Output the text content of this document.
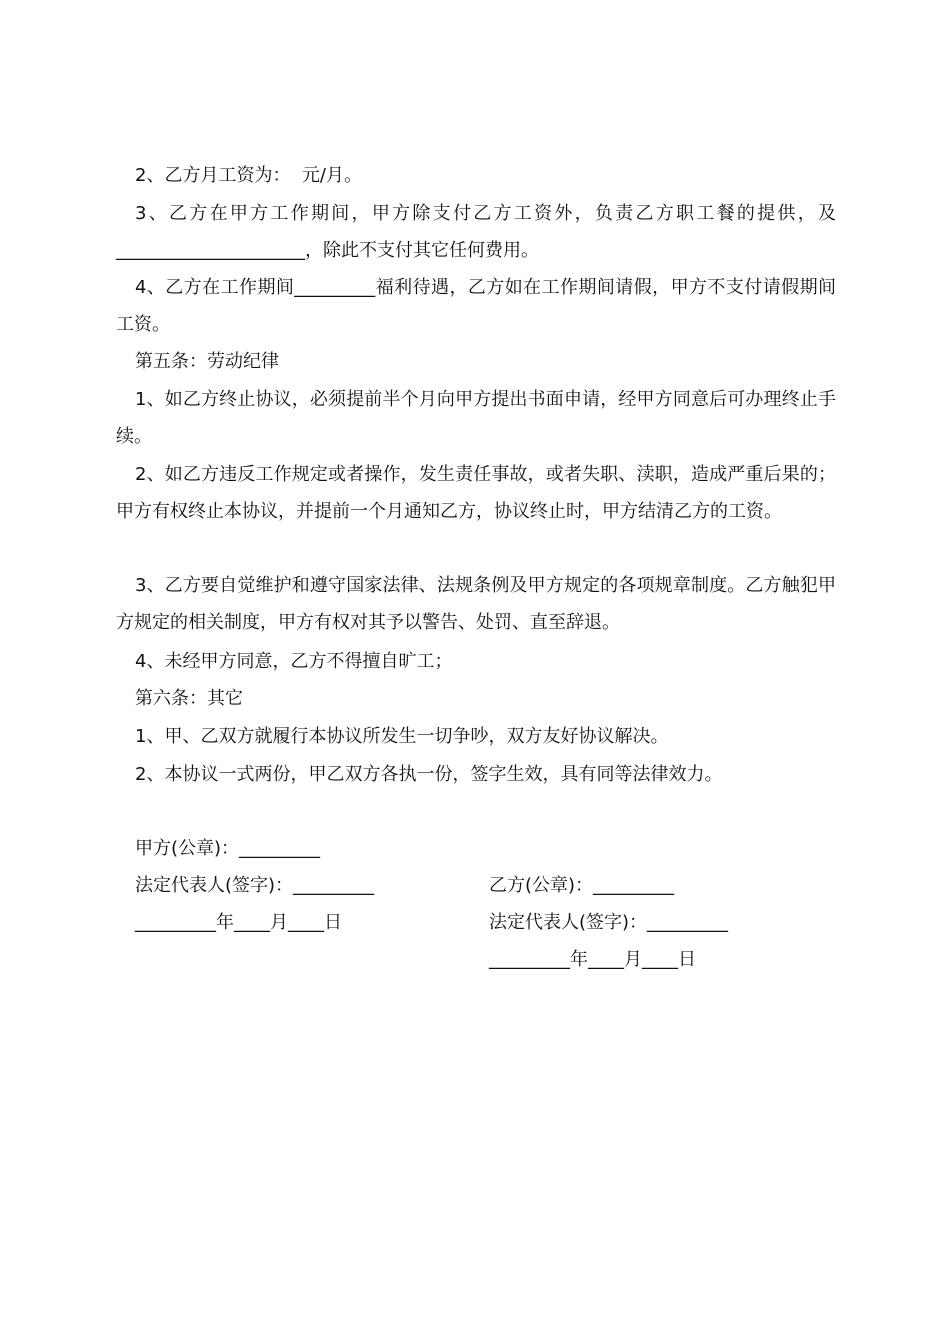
2、乙方月工资为：  元/月。

3、乙方在甲方工作期间，甲方除支付乙方工资外，负责乙方职工餐的提供，及_____________________，除此不支付其它任何费用。

4、乙方在工作期间_________福利待遇，乙方如在工作期间请假，甲方不支付请假期间工资。

第五条：劳动纪律

1、如乙方终止协议，必须提前半个月向甲方提出书面申请，经甲方同意后可办理终止手续。

2、如乙方违反工作规定或者操作，发生责任事故，或者失职、渎职，造成严重后果的；甲方有权终止本协议，并提前一个月通知乙方，协议终止时，甲方结清乙方的工资。

3、乙方要自觉维护和遵守国家法律、法规条例及甲方规定的各项规章制度。乙方触犯甲方规定的相关制度，甲方有权对其予以警告、处罚、直至辞退。

4、未经甲方同意，乙方不得擅自旷工；

第六条：其它

1、甲、乙双方就履行本协议所发生一切争吵，双方友好协议解决。

2、本协议一式两份，甲乙双方各执一份，签字生效，具有同等法律效力。

甲方(公章)：_________

乙方(公章)：_________

法定代表人(签字)：_________

法定代表人(签字)：_________

_________年____月____日

_________年____月____日
